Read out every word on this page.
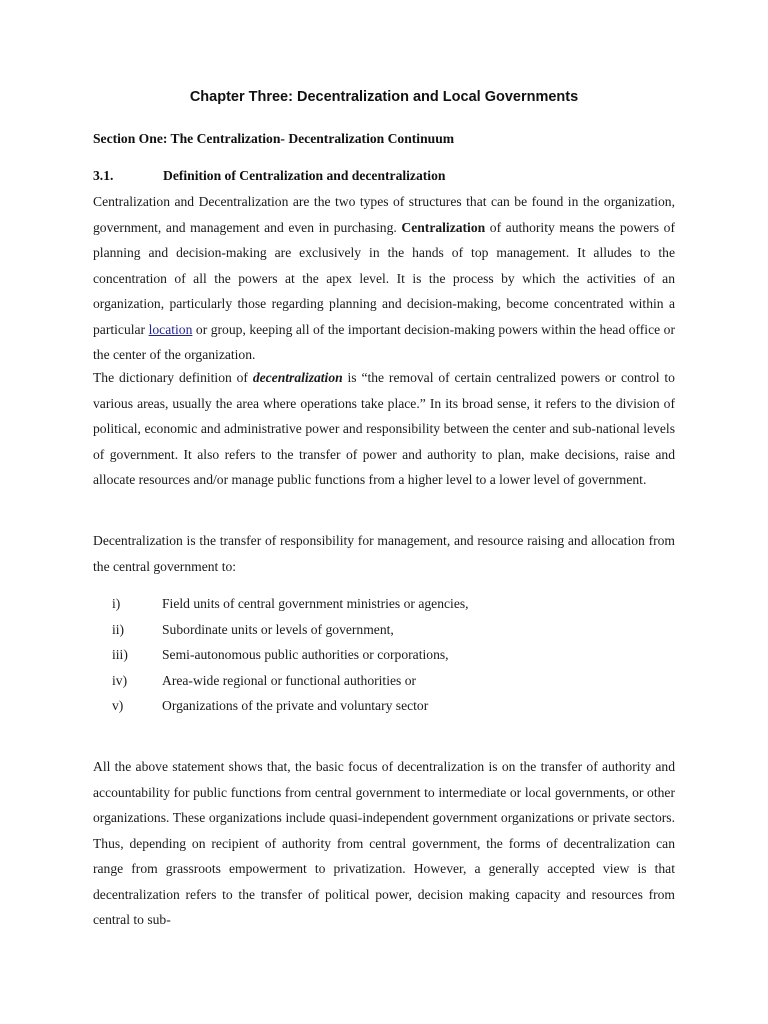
Chapter Three: Decentralization and Local Governments
Section One: The Centralization- Decentralization Continuum
3.1.	Definition of Centralization and decentralization
Centralization and Decentralization are the two types of structures that can be found in the organization, government, and management and even in purchasing. Centralization of authority means the powers of planning and decision-making are exclusively in the hands of top management. It alludes to the concentration of all the powers at the apex level. It is the process by which the activities of an organization, particularly those regarding planning and decision-making, become concentrated within a particular location or group, keeping all of the important decision-making powers within the head office or the center of the organization.
The dictionary definition of decentralization is “the removal of certain centralized powers or control to various areas, usually the area where operations take place.” In its broad sense, it refers to the division of political, economic and administrative power and responsibility between the center and sub-national levels of government. It also refers to the transfer of power and authority to plan, make decisions, raise and allocate resources and/or manage public functions from a higher level to a lower level of government.
Decentralization is the transfer of responsibility for management, and resource raising and allocation from the central government to:
i)	Field units of central government ministries or agencies,
ii)	Subordinate units or levels of government,
iii)	Semi-autonomous public authorities or corporations,
iv)	Area-wide regional or functional authorities or
v)	Organizations of the private and voluntary sector
All the above statement shows that, the basic focus of decentralization is on the transfer of authority and accountability for public functions from central government to intermediate or local governments, or other organizations. These organizations include quasi-independent government organizations or private sectors. Thus, depending on recipient of authority from central government, the forms of decentralization can range from grassroots empowerment to privatization. However, a generally accepted view is that decentralization refers to the transfer of political power, decision making capacity and resources from central to sub-
